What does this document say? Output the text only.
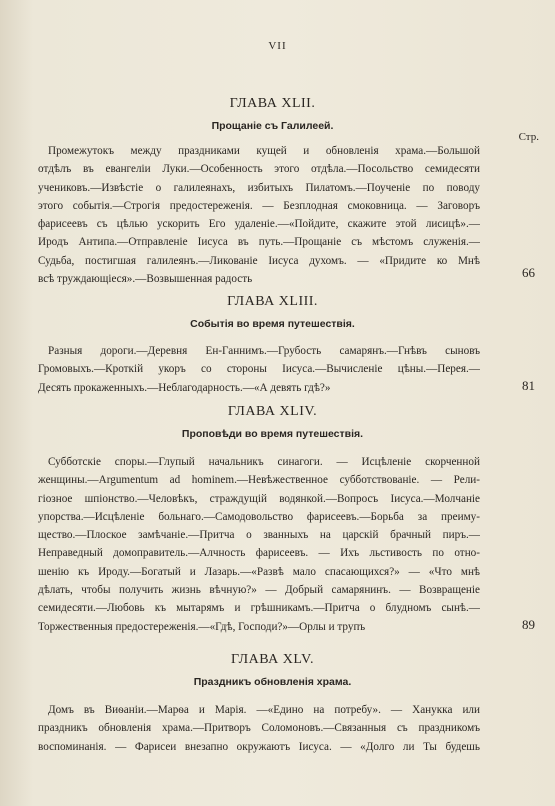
VII
Стр.
ГЛАВА XLII.
Прощаніе съ Галилеей.
Промежутокъ между праздниками кущей и обновленія храма.—Большой
отдѣлъ въ евангеліи Луки.—Особенность этого отдѣла.—Посольство семидесяти
учениковъ.—Извѣстіе о галилеянахъ, избитыхъ Пилатомъ.—Поученіе по поводу
этого событія.—Строгія предостереженія. — Безплодная смоковница. — Заговоръ
фарисеевъ съ цѣлью ускорить Его удаленіе.—«Пойдите, скажите этой лисицѣ».—
Иродъ Антипа.—Отправленіе Іисуса въ путь.—Прощаніе съ мѣстомъ служенія.—
Судьба, постигшая галилеянъ.—Ликованіе Іисуса духомъ. — «Придите ко Мнѣ
всѣ труждающіеся».—Возвышенная радость	66
ГЛАВА XLIII.
Событія во время путешествія.
Разныя дороги.—Деревня Ен-Ганнимъ.—Грубость самарянъ.—Гнѣвъ сыновъ
Громовыхъ.—Кроткій укоръ со стороны Іисуса.—Вычисленіе цѣны.—Перея.—
Десять прокаженныхъ.—Неблагодарность.—«А девять гдѣ?»	81
ГЛАВА XLIV.
Проповѣди во время путешествія.
Субботскіе споры.—Глупый начальникъ синагоги. — Исцѣленіе скорченной
женщины.—Argumentum ad hominem.—Невѣжественное субботствованіе. — Рели-
гіозное шпіонство.—Человѣкъ, страждущій водянкой.—Вопросъ Іисуса.—Молчаніе
упорства.—Исцѣленіе больнаго.—Самодовольство фарисеевъ.—Борьба за преиму-
щество.—Плоское замѣчаніе.—Притча о званныхъ на царскій брачный пиръ.—
Неправедный домоправитель.—Алчность фарисеевъ. — Ихъ льстивость по отно-
шенію къ Ироду.—Богатый и Лазарь.—«Развѣ мало спасающихся?» — «Что мнѣ
дѣлать, чтобы получить жизнь вѣчную?» — Добрый самарянинъ. — Возвращеніе
семидесяти.—Любовь къ мытарямъ и грѣшникамъ.—Притча о блудномъ сынѣ.—
Торжественныя предостереженія.—«Гдѣ, Господи?»—Орлы и трупъ	89
ГЛАВА XLV.
Праздникъ обновленія храма.
Домъ въ Виѳаніи.—Марѳа и Марія. —«Едино на потребу». — Ханукка или
праздникъ обновленія храма.—Притворъ Соломоновъ.—Связанныя съ праздникомъ
воспоминанія. — Фарисеи внезапно окружаютъ Іисуса. — «Долго ли Ты будешь
